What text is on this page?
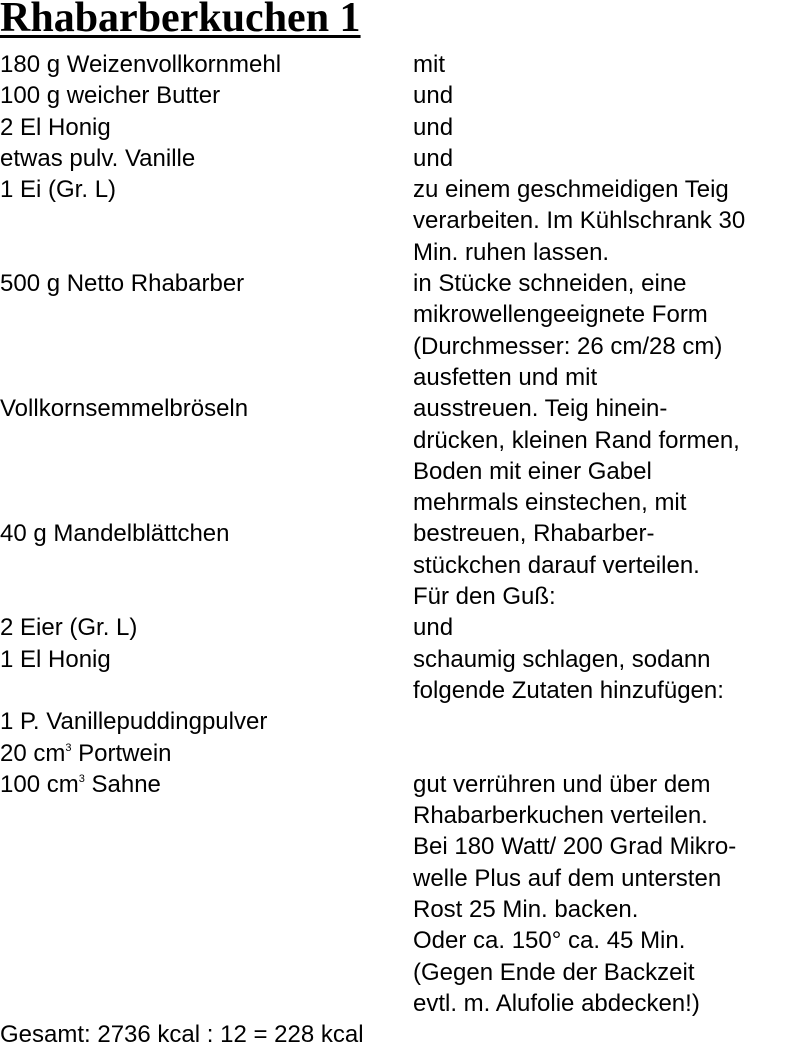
Rhabarberkuchen 1
180 g Weizenvollkornmehl	mit
100 g weicher Butter	und
2 El Honig	und
etwas pulv. Vanille	und
1 Ei (Gr. L)	zu einem geschmeidigen Teig
verarbeiten. Im Kühlschrank 30
Min. ruhen lassen.
500 g Netto Rhabarber	in Stücke schneiden, eine
mikrowellengeeignete Form
(Durchmesser: 26 cm/28 cm)
ausfetten und mit
Vollkornsemmelbröseln	ausstreuen. Teig hinein-
drücken, kleinen Rand formen,
Boden mit einer Gabel
mehrmals einstechen, mit
40 g Mandelblättchen	bestreuen, Rhabarber-
stückchen darauf verteilen.
Für den Guß:
2 Eier (Gr. L)	und
1 El Honig	schaumig schlagen, sodann
folgende Zutaten hinzufügen:
1 P. Vanillepuddingpulver
20 $cm^3$ Portwein
100 $cm^3$ Sahne	gut verrühren und über dem
Rhabarberkuchen verteilen.
Bei 180 Watt/ 200 Grad Mikro-
welle Plus auf dem untersten
Rost 25 Min. backen.
Oder ca. 150° ca. 45 Min.
(Gegen Ende der Backzeit
evtl. m. Alufolie abdecken!)
Gesamt: 2736 kcal : 12 = 228 kcal
